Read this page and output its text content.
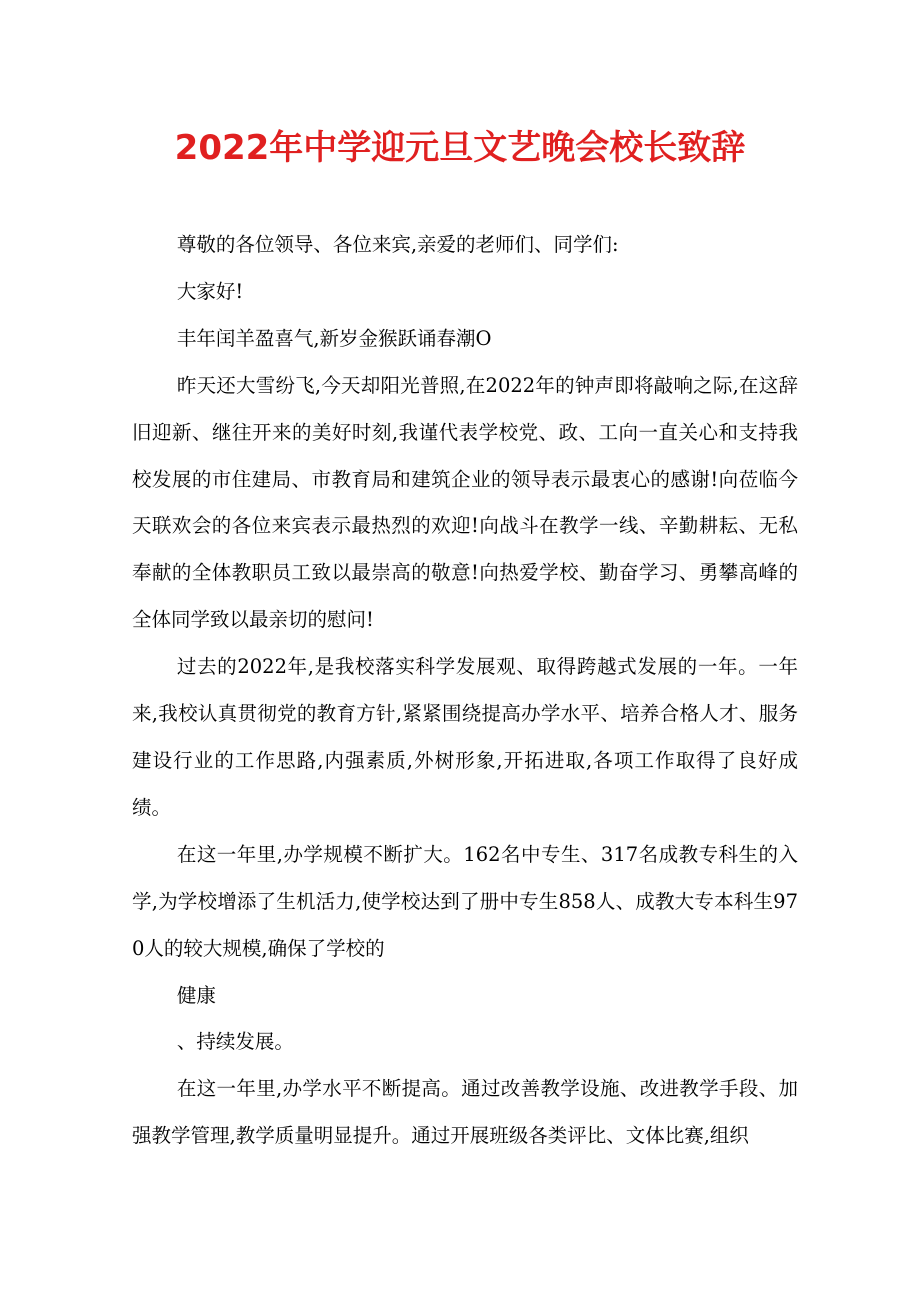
2022年中学迎元旦文艺晚会校长致辞

尊敬的各位领导、各位来宾,亲爱的老师们、同学们:

大家好!

丰年闰羊盈喜气,新岁金猴跃诵春潮O

昨天还大雪纷飞,今天却阳光普照,在2022年的钟声即将敲响之际,在这辞旧迎新、继往开来的美好时刻,我谨代表学校党、政、工向一直关心和支持我校发展的市住建局、市教育局和建筑企业的领导表示最衷心的感谢!向莅临今天联欢会的各位来宾表示最热烈的欢迎!向战斗在教学一线、辛勤耕耘、无私奉献的全体教职员工致以最崇高的敬意!向热爱学校、勤奋学习、勇攀高峰的全体同学致以最亲切的慰问!

过去的2022年,是我校落实科学发展观、取得跨越式发展的一年。一年来,我校认真贯彻党的教育方针,紧紧围绕提高办学水平、培养合格人才、服务建设行业的工作思路,内强素质,外树形象,开拓进取,各项工作取得了良好成绩。

在这一年里,办学规模不断扩大。162名中专生、317名成教专科生的入学,为学校增添了生机活力,使学校达到了册中专生858人、成教大专本科生970人的较大规模,确保了学校的

健康

、持续发展。

在这一年里,办学水平不断提高。通过改善教学设施、改进教学手段、加强教学管理,教学质量明显提升。通过开展班级各类评比、文体比赛,组织
